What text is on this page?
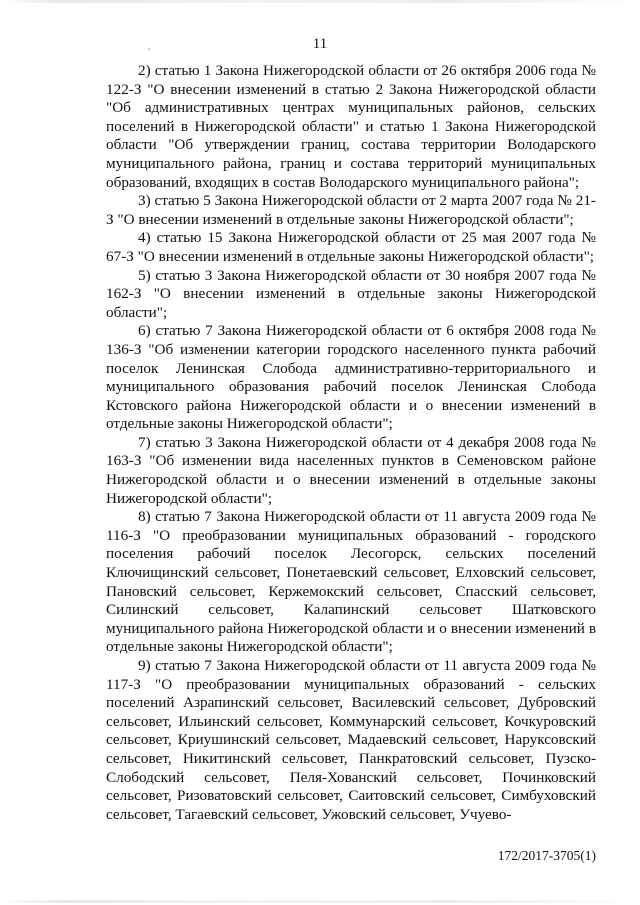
11

2) статью 1 Закона Нижегородской области от 26 октября 2006 года № 122-З "О внесении изменений в статью 2 Закона Нижегородской области "Об административных центрах муниципальных районов, сельских поселений в Нижегородской области" и статью 1 Закона Нижегородской области "Об утверждении границ, состава территории Володарского муниципального района, границ и состава территорий муниципальных образований, входящих в состав Володарского муниципального района";

3) статью 5 Закона Нижегородской области от 2 марта 2007 года № 21-З "О внесении изменений в отдельные законы Нижегородской области";

4) статью 15 Закона Нижегородской области от 25 мая 2007 года № 67-З "О внесении изменений в отдельные законы Нижегородской области";

5) статью 3 Закона Нижегородской области от 30 ноября 2007 года № 162-З "О внесении изменений в отдельные законы Нижегородской области";

6) статью 7 Закона Нижегородской области от 6 октября 2008 года № 136-З "Об изменении категории городского населенного пункта рабочий поселок Ленинская Слобода административно-территориального и муниципального образования рабочий поселок Ленинская Слобода Кстовского района Нижегородской области и о внесении изменений в отдельные законы Нижегородской области";

7) статью 3 Закона Нижегородской области от 4 декабря 2008 года № 163-З "Об изменении вида населенных пунктов в Семеновском районе Нижегородской области и о внесении изменений в отдельные законы Нижегородской области";

8) статью 7 Закона Нижегородской области от 11 августа 2009 года № 116-З "О преобразовании муниципальных образований - городского поселения рабочий поселок Лесогорск, сельских поселений Ключищинский сельсовет, Понетаевский сельсовет, Елховский сельсовет, Пановский сельсовет, Кержемокский сельсовет, Спасский сельсовет, Силинский сельсовет, Калапинский сельсовет Шатковского муниципального района Нижегородской области и о внесении изменений в отдельные законы Нижегородской области";

9) статью 7 Закона Нижегородской области от 11 августа 2009 года № 117-З "О преобразовании муниципальных образований - сельских поселений Азрапинский сельсовет, Василевский сельсовет, Дубровский сельсовет, Ильинский сельсовет, Коммунарский сельсовет, Кочкуровский сельсовет, Криушинский сельсовет, Мадаевский сельсовет, Наруксовский сельсовет, Никитинский сельсовет, Панкратовский сельсовет, Пузско-Слободский сельсовет, Пеля-Хованский сельсовет, Починковский сельсовет, Ризоватовский сельсовет, Саитовский сельсовет, Симбуховский сельсовет, Тагаевский сельсовет, Ужовский сельсовет, Учуево-

172/2017-3705(1)
